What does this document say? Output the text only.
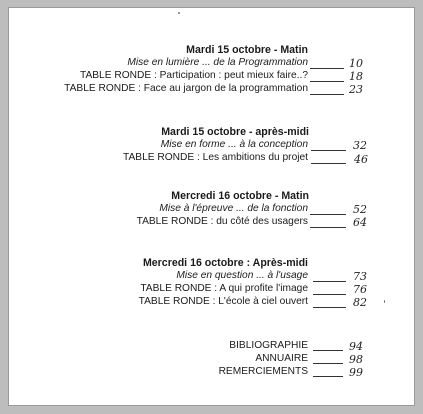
Mardi 15 octobre - Matin
Mise en lumière ... de la Programmation	10
TABLE RONDE : Participation : peut mieux faire..?	18
TABLE RONDE : Face au jargon de la programmation	23
Mardi 15 octobre - après-midi
Mise en forme ... à la conception	32
TABLE RONDE : Les ambitions du projet	46
Mercredi 16 octobre - Matin
Mise à l'épreuve ... de la fonction	52
TABLE RONDE : du côté des usagers	64
Mercredi 16 octobre : Après-midi
Mise en question ... à l'usage	73
TABLE RONDE : A qui profite l'image	76
TABLE RONDE : L'école à ciel ouvert	82
BIBLIOGRAPHIE	94
ANNUAIRE	98
REMERCIEMENTS	99
